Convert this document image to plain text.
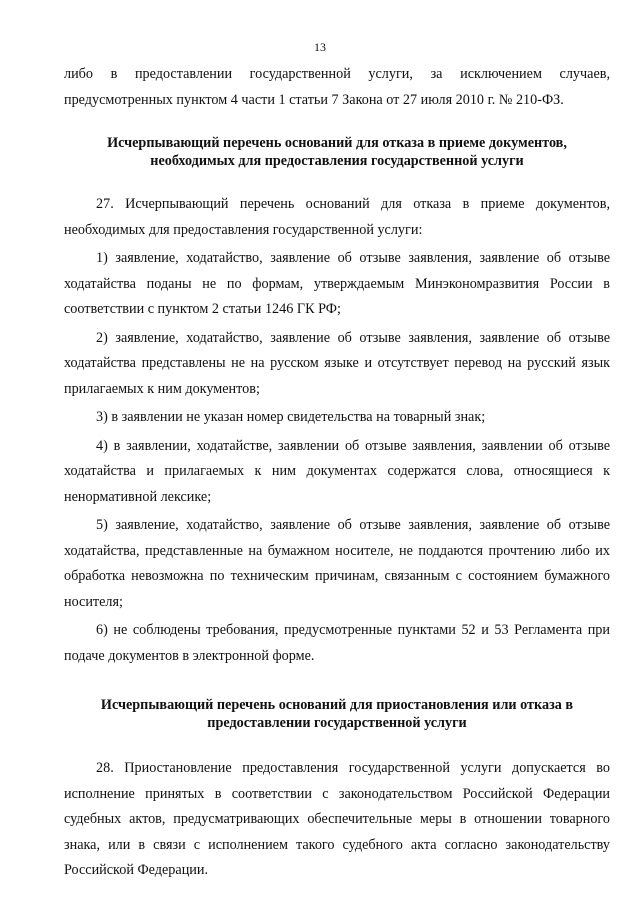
13

либо в предоставлении государственной услуги, за исключением случаев, предусмотренных пунктом 4 части 1 статьи 7 Закона от 27 июля 2010 г. № 210-ФЗ.

Исчерпывающий перечень оснований для отказа в приеме документов, необходимых для предоставления государственной услуги

27. Исчерпывающий перечень оснований для отказа в приеме документов, необходимых для предоставления государственной услуги:

1) заявление, ходатайство, заявление об отзыве заявления, заявление об отзыве ходатайства поданы не по формам, утверждаемым Минэкономразвития России в соответствии с пунктом 2 статьи 1246 ГК РФ;

2) заявление, ходатайство, заявление об отзыве заявления, заявление об отзыве ходатайства представлены не на русском языке и отсутствует перевод на русский язык прилагаемых к ним документов;

3) в заявлении не указан номер свидетельства на товарный знак;

4) в заявлении, ходатайстве, заявлении об отзыве заявления, заявлении об отзыве ходатайства и прилагаемых к ним документах содержатся слова, относящиеся к ненормативной лексике;

5) заявление, ходатайство, заявление об отзыве заявления, заявление об отзыве ходатайства, представленные на бумажном носителе, не поддаются прочтению либо их обработка невозможна по техническим причинам, связанным с состоянием бумажного носителя;

6) не соблюдены требования, предусмотренные пунктами 52 и 53 Регламента при подаче документов в электронной форме.

Исчерпывающий перечень оснований для приостановления или отказа в предоставлении государственной услуги

28. Приостановление предоставления государственной услуги допускается во исполнение принятых в соответствии с законодательством Российской Федерации судебных актов, предусматривающих обеспечительные меры в отношении товарного знака, или в связи с исполнением такого судебного акта согласно законодательству Российской Федерации.
